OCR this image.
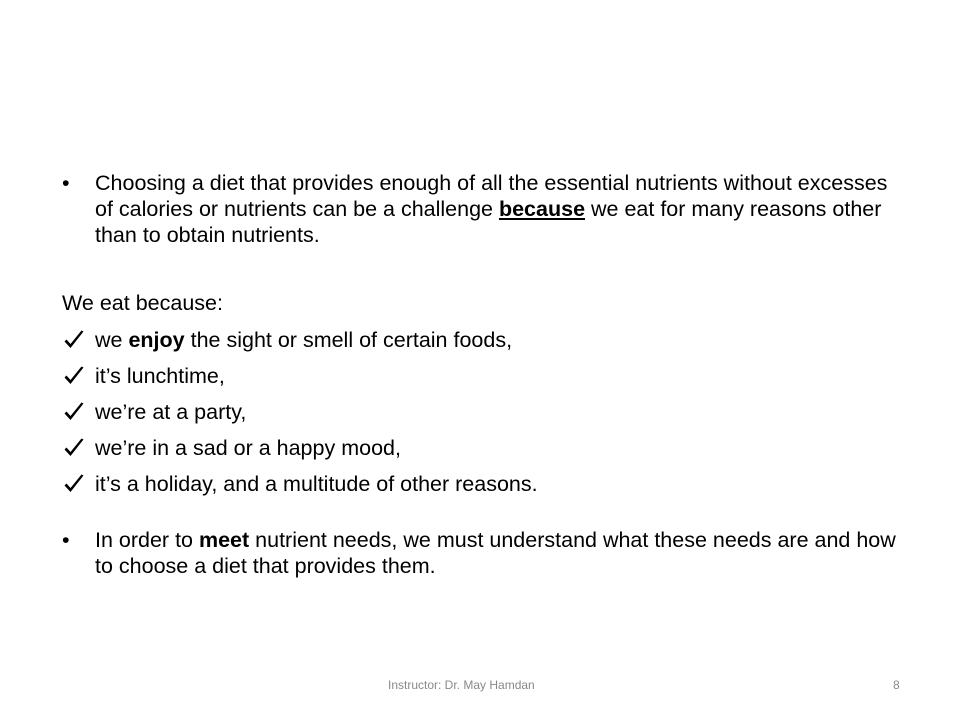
• Choosing a diet that provides enough of all the essential nutrients without excesses of calories or nutrients can be a challenge because we eat for many reasons other than to obtain nutrients.
We eat because:
we enjoy the sight or smell of certain foods,
it’s lunchtime,
we’re at a party,
we’re in a sad or a happy mood,
it’s a holiday, and a multitude of other reasons.
• In order to meet nutrient needs, we must understand what these needs are and how to choose a diet that provides them.
Instructor: Dr. May Hamdan	8
